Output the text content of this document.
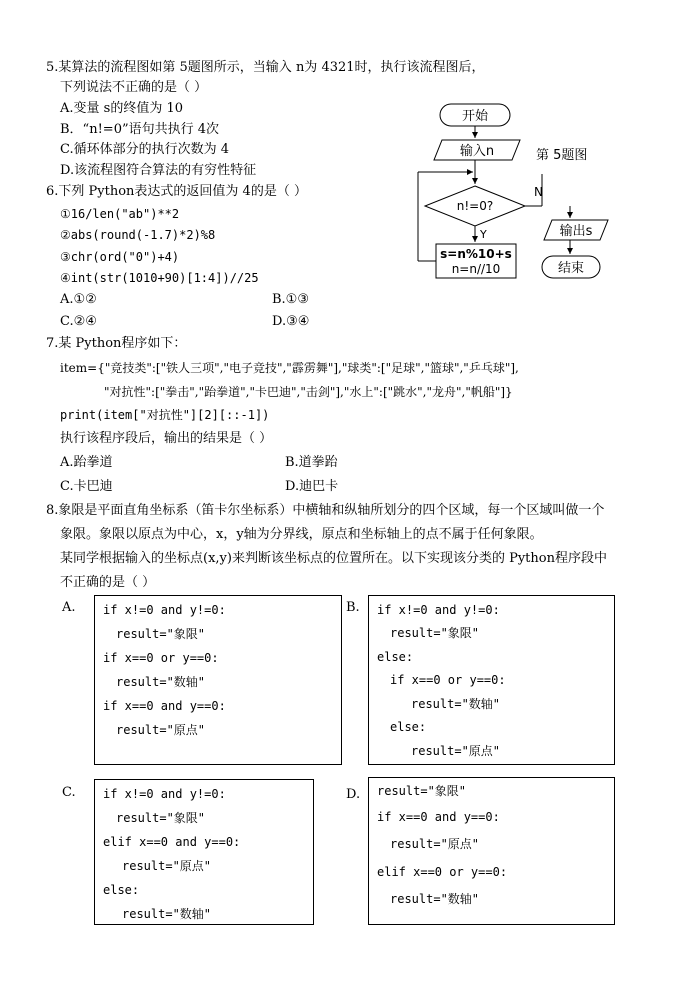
5.某算法的流程图如第 5题图所示，当输入 n为 4321时，执行该流程图后，
下列说法不正确的是（ ）
A.变量 s的终值为 10
B．“n!=0”语句共执行 4次
C.循环体部分的执行次数为 4
D.该流程图符合算法的有穷性特征
开始
输入n
n!=0?
N
Y
s=n%10+s
n=n//10
输出s
结束
第 5题图
6.下列 Python表达式的返回值为 4的是（ ）
①16/len("ab")**2
②abs(round(-1.7)*2)%8
③chr(ord("0")+4)
④int(str(1010+90)[1:4])//25
A.①②	B.①③
C.②④	D.③④
7.某 Python程序如下：
item={"竞技类":["铁人三项","电子竞技","霹雳舞"],"球类":["足球","篮球","乒乓球"],
"对抗性":["拳击","跆拳道","卡巴迪","击剑"],"水上":["跳水","龙舟","帆船"]}
print(item["对抗性"][2][::-1])
执行该程序段后，输出的结果是（ ）
A.跆拳道	B.道拳跆
C.卡巴迪	D.迪巴卡
8.象限是平面直角坐标系（笛卡尔坐标系）中横轴和纵轴所划分的四个区域，每一个区域叫做一个
象限。象限以原点为中心，x，y轴为分界线，原点和坐标轴上的点不属于任何象限。
某同学根据输入的坐标点(x,y)来判断该坐标点的位置所在。以下实现该分类的 Python程序段中
不正确的是（ ）
A. if x!=0 and y!=0:
result="象限"
if x==0 or y==0:
result="数轴"
if x==0 and y==0:
result="原点"
B. if x!=0 and y!=0:
result="象限"
else:
if x==0 or y==0:
result="数轴"
else:
result="原点"
C. if x!=0 and y!=0:
result="象限"
elif x==0 and y==0:
result="原点"
else:
result="数轴"
D. result="象限"
if x==0 and y==0:
result="原点"
elif x==0 or y==0:
result="数轴"
